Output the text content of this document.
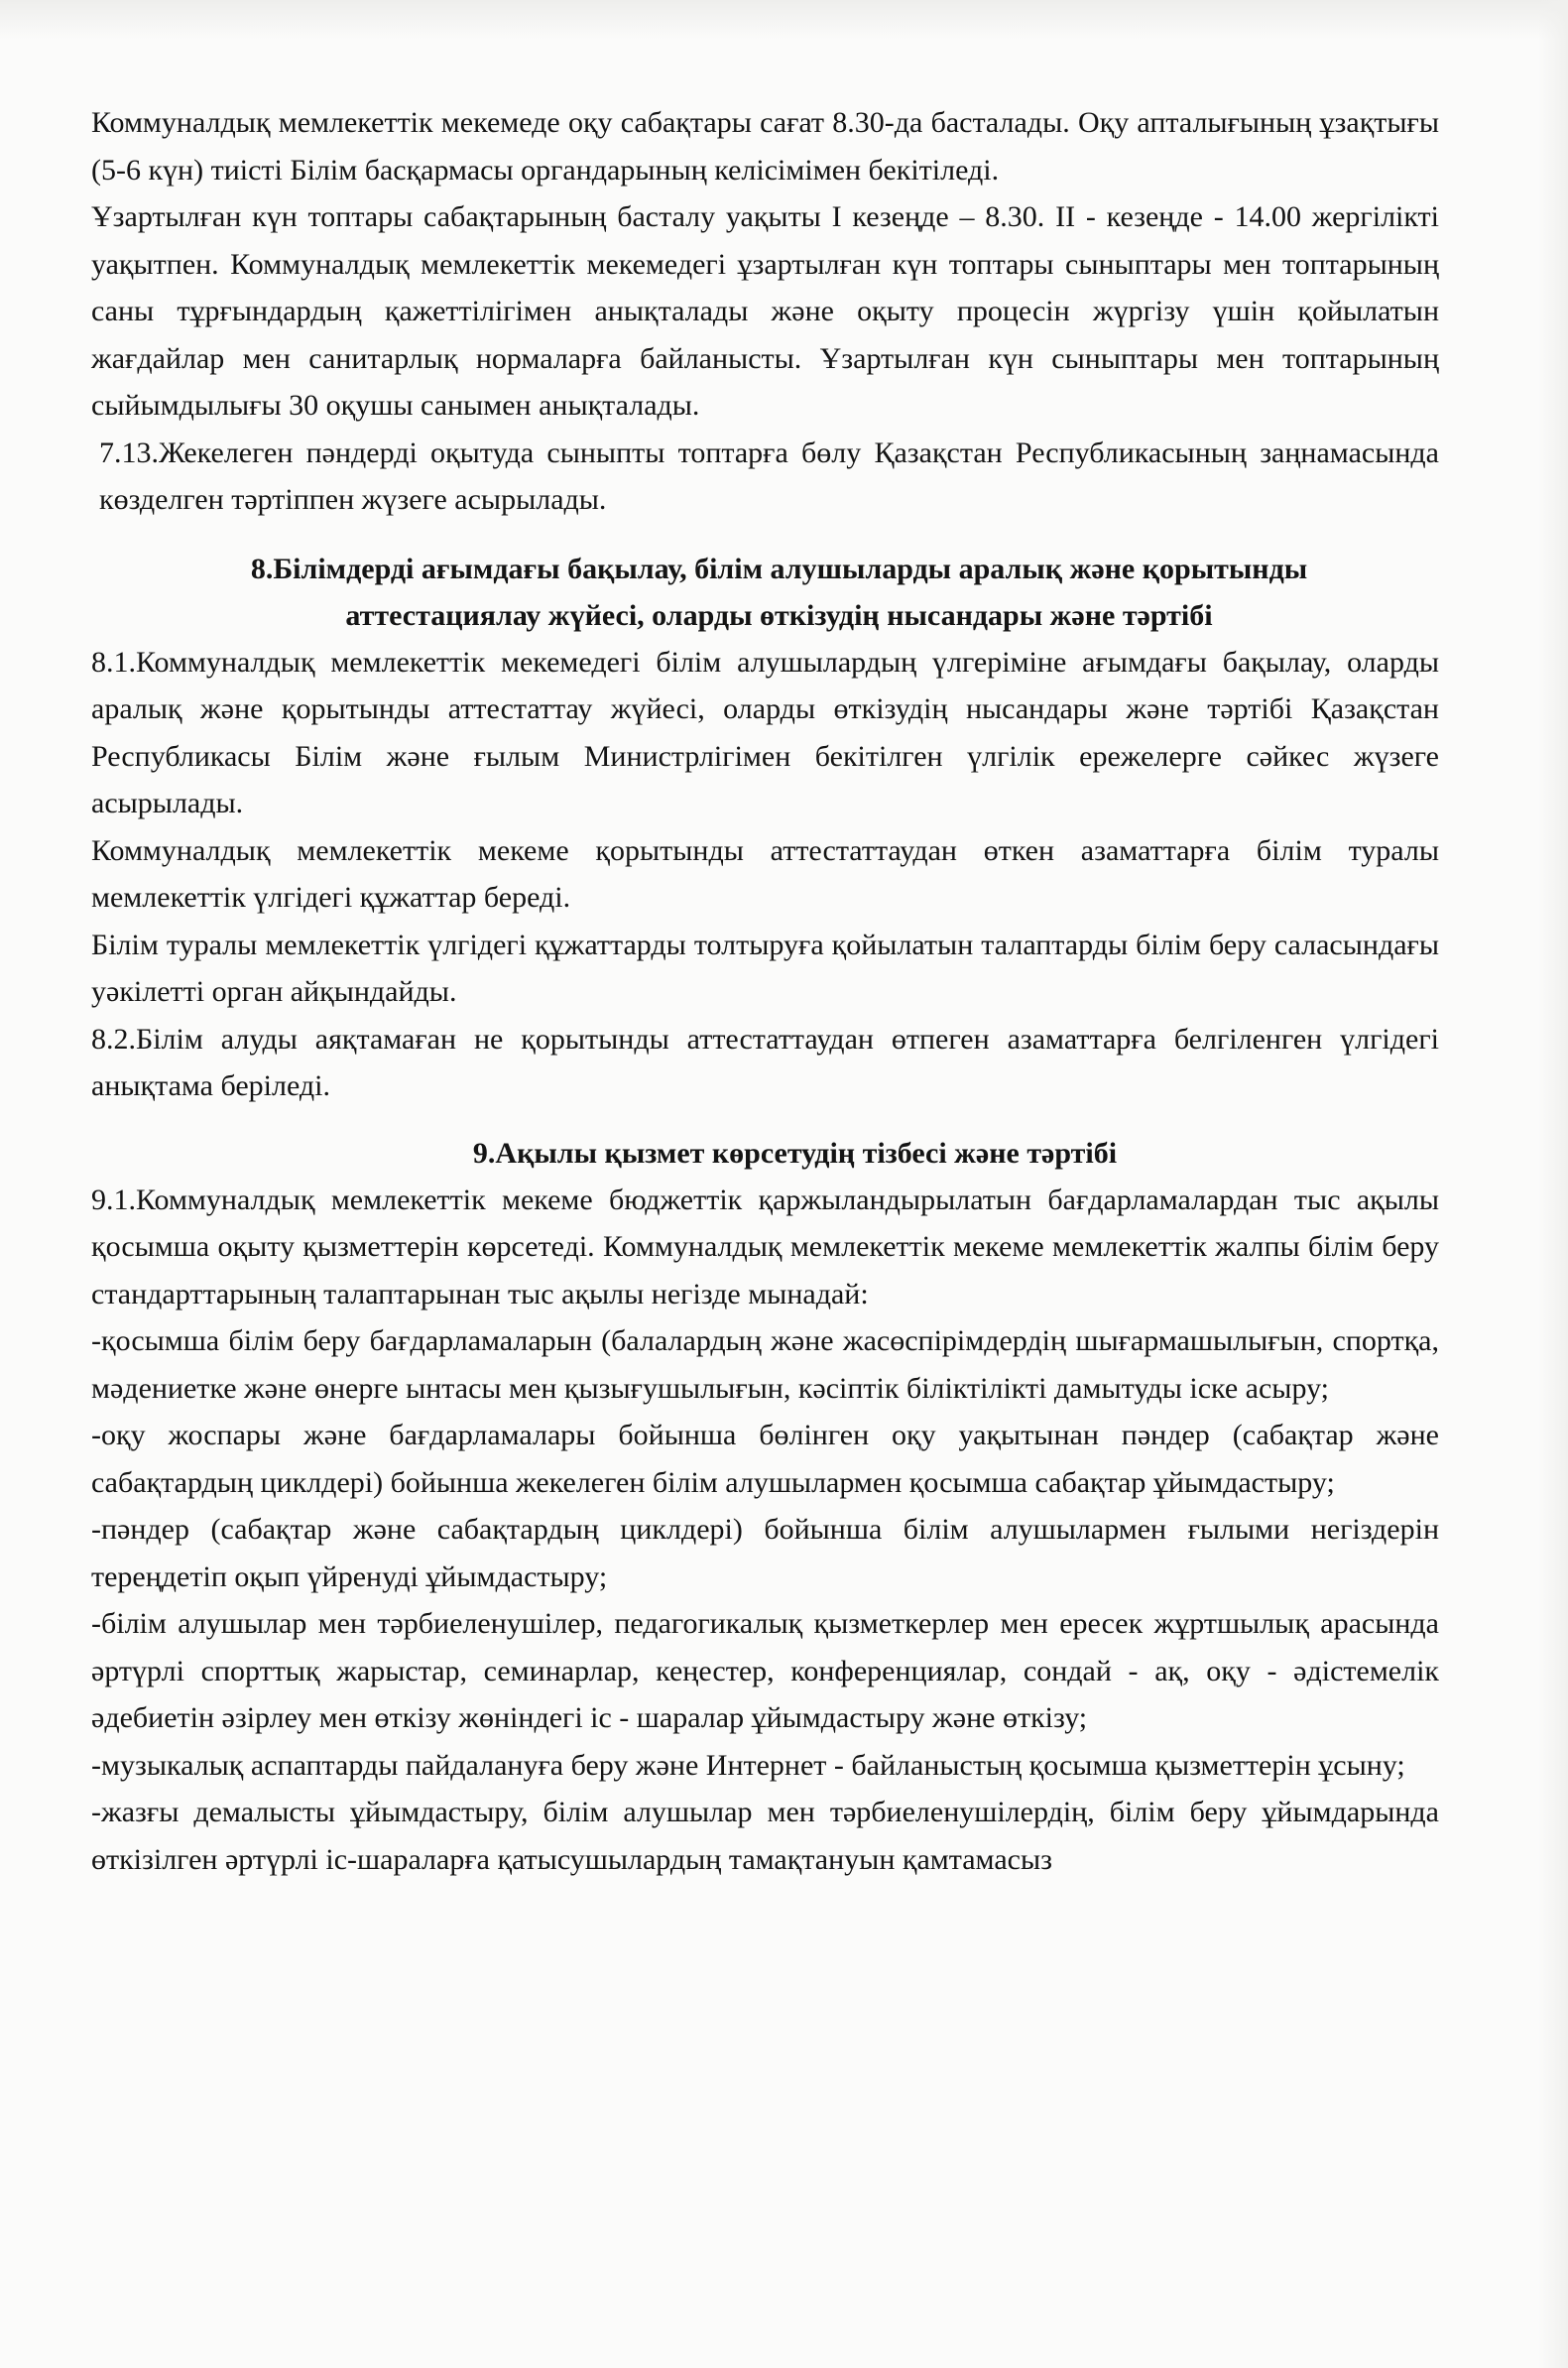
Коммуналдық мемлекеттік мекемеде оқу сабақтары сағат 8.30-да басталады. Оқу апталығының ұзақтығы (5-6 күн) тиісті Білім басқармасы органдарының келісімімен бекітіледі.

Ұзартылған күн топтары сабақтарының басталу уақыты I кезеңде – 8.30. II - кезеңде - 14.00 жергілікті уақытпен. Коммуналдық мемлекеттік мекемедегі ұзартылған күн топтары сыныптары мен топтарының саны тұрғындардың қажеттілігімен анықталады және оқыту процесін жүргізу үшін қойылатын жағдайлар мен санитарлық нормаларға байланысты. Ұзартылған күн сыныптары мен топтарының сыйымдылығы 30 оқушы санымен анықталады.

7.13.Жекелеген пәндерді оқытуда сыныпты топтарға бөлу Қазақстан Республикасының заңнамасында көзделген тәртіппен жүзеге асырылады.

8.Білімдерді ағымдағы бақылау, білім алушыларды аралық және қорытынды
аттестациялау жүйесі, оларды өткізудің нысандары және тәртібі

8.1.Коммуналдық мемлекеттік мекемедегі білім алушылардың үлгеріміне ағымдағы бақылау, оларды аралық және қорытынды аттестаттау жүйесі, оларды өткізудің нысандары және тәртібі Қазақстан Республикасы Білім және ғылым Министрлігімен бекітілген үлгілік ережелерге сәйкес жүзеге асырылады.

Коммуналдық мемлекеттік мекеме қорытынды аттестаттаудан өткен азаматтарға білім туралы мемлекеттік үлгідегі құжаттар береді.

Білім туралы мемлекеттік үлгідегі құжаттарды толтыруға қойылатын талаптарды білім беру саласындағы уәкілетті орган айқындайды.

8.2.Білім алуды аяқтамаған не қорытынды аттестаттаудан өтпеген азаматтарға белгіленген үлгідегі анықтама беріледі.

9.Ақылы қызмет көрсетудің тізбесі және тәртібі

9.1.Коммуналдық мемлекеттік мекеме бюджеттік қаржыландырылатын бағдарламалардан тыс ақылы қосымша оқыту қызметтерін көрсетеді. Коммуналдық мемлекеттік мекеме мемлекеттік жалпы білім беру стандарттарының талаптарынан тыс ақылы негізде мынадай:

-қосымша білім беру бағдарламаларын (балалардың және жасөспірімдердің шығармашылығын, спортқа, мәдениетке және өнерге ынтасы мен қызығушылығын, кәсіптік біліктілікті дамытуды іске асыру;

-оқу жоспары және бағдарламалары бойынша бөлінген оқу уақытынан пәндер (сабақтар және сабақтардың циклдері) бойынша жекелеген білім алушылармен қосымша сабақтар ұйымдастыру;

-пәндер (сабақтар және сабақтардың циклдері) бойынша білім алушылармен ғылыми негіздерін тереңдетіп оқып үйренуді ұйымдастыру;

-білім алушылар мен тәрбиеленушілер, педагогикалық қызметкерлер мен ересек жұртшылық арасында әртүрлі спорттық жарыстар, семинарлар, кеңестер, конференциялар, сондай - ақ, оқу - әдістемелік әдебиетін әзірлеу мен өткізу жөніндегі іс - шаралар ұйымдастыру және өткізу;

-музыкалық аспаптарды пайдалануға беру және Интернет - байланыстың қосымша қызметтерін ұсыну;

-жазғы демалысты ұйымдастыру, білім алушылар мен тәрбиеленушілердің, білім беру ұйымдарында өткізілген әртүрлі іс-шараларға қатысушылардың тамақтануын қамтамасыз
